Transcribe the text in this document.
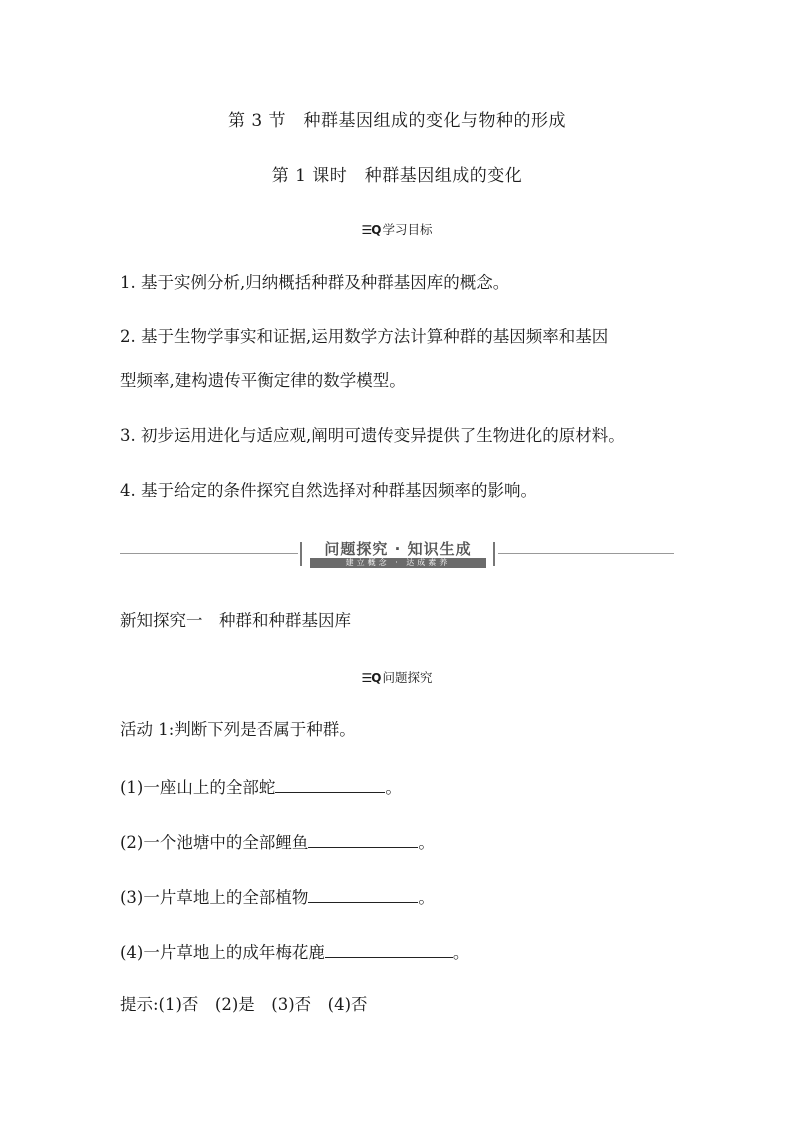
第 3 节　种群基因组成的变化与物种的形成
第 1 课时　种群基因组成的变化
☰Q 学习目标
1. 基于实例分析,归纳概括种群及种群基因库的概念。
2. 基于生物学事实和证据,运用数学方法计算种群的基因频率和基因
型频率,建构遗传平衡定律的数学模型。
3. 初步运用进化与适应观,阐明可遗传变异提供了生物进化的原材料。
4. 基于给定的条件探究自然选择对种群基因频率的影响。
问题探究 · 知识生成
建立概念 · 达成素养
新知探究一　种群和种群基因库
☰Q 问题探究
活动 1:判断下列是否属于种群。
(1)一座山上的全部蛇	。
(2)一个池塘中的全部鲤鱼	。
(3)一片草地上的全部植物	。
(4)一片草地上的成年梅花鹿	。
提示:(1)否　(2)是　(3)否　(4)否
